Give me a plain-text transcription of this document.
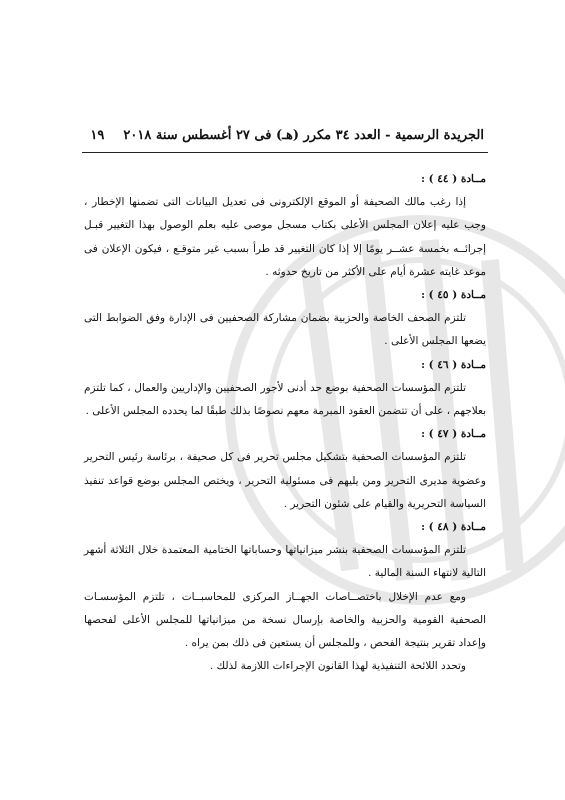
الجريدة الرسمية - العدد ٣٤ مكرر (هـ) فى ٢٧ أغسطس سنة ٢٠١٨  ١٩

مــادة ( ٤٤ ) :

إذا رغب مالك الصحيفة أو الموقع الإلكترونى فى تعديل البيانات التى تضمنها الإخطار ، وجب عليه إعلان المجلس الأعلى بكتاب مسجل موصى عليه بعلم الوصول بهذا التغيير قبـل إجرائــه بخمسة عشــر يومًا إلا إذا كان التغيير قد طرأ بسبب غير متوقـع ، فيكون الإعلان فى موعد غايته عشرة أيام على الأكثر من تاريخ حدوثه .

مــادة ( ٤٥ ) :

تلتزم الصحف الخاصة والحزبية بضمان مشاركة الصحفيين فى الإدارة وفق الضوابط التى يضعها المجلس الأعلى .

مــادة ( ٤٦ ) :

تلتزم المؤسسات الصحفية بوضع حد أدنى لأجور الصحفيين والإداريين والعمال ، كما تلتزم بعلاجهم ، على أن تتضمن العقود المبرمة معهم نصوصًا بذلك طبقًا لما يحدده المجلس الأعلى .

مــادة ( ٤٧ ) :

تلتزم المؤسسات الصحفية بتشكيل مجلس تحرير فى كل صحيفة ، برئاسة رئيس التحرير وعضوية مديرى التحرير ومن يليهم فى مسئولية التحرير ، ويختص المجلس بوضع قواعد تنفيذ السياسة التحريرية والقيام على شئون التحرير .

مــادة ( ٤٨ ) :

تلتزم المؤسسات الصحفية بنشر ميزانياتها وحساباتها الختامية المعتمدة خلال الثلاثة أشهر التالية لانتهاء السنة المالية .

ومع عدم الإخلال باختصــاصات الجهــاز المركزى للمحاسبــات ، تلتزم المؤسسـات الصحفية القومية والحزبية والخاصة بإرسال نسخة من ميزانياتها للمجلس الأعلى لفحصها وإعداد تقرير بنتيجة الفحص ، وللمجلس أن يستعين فى ذلك بمن يراه .

وتحدد اللائحة التنفيذية لهذا القانون الإجراءات اللازمة لذلك .
